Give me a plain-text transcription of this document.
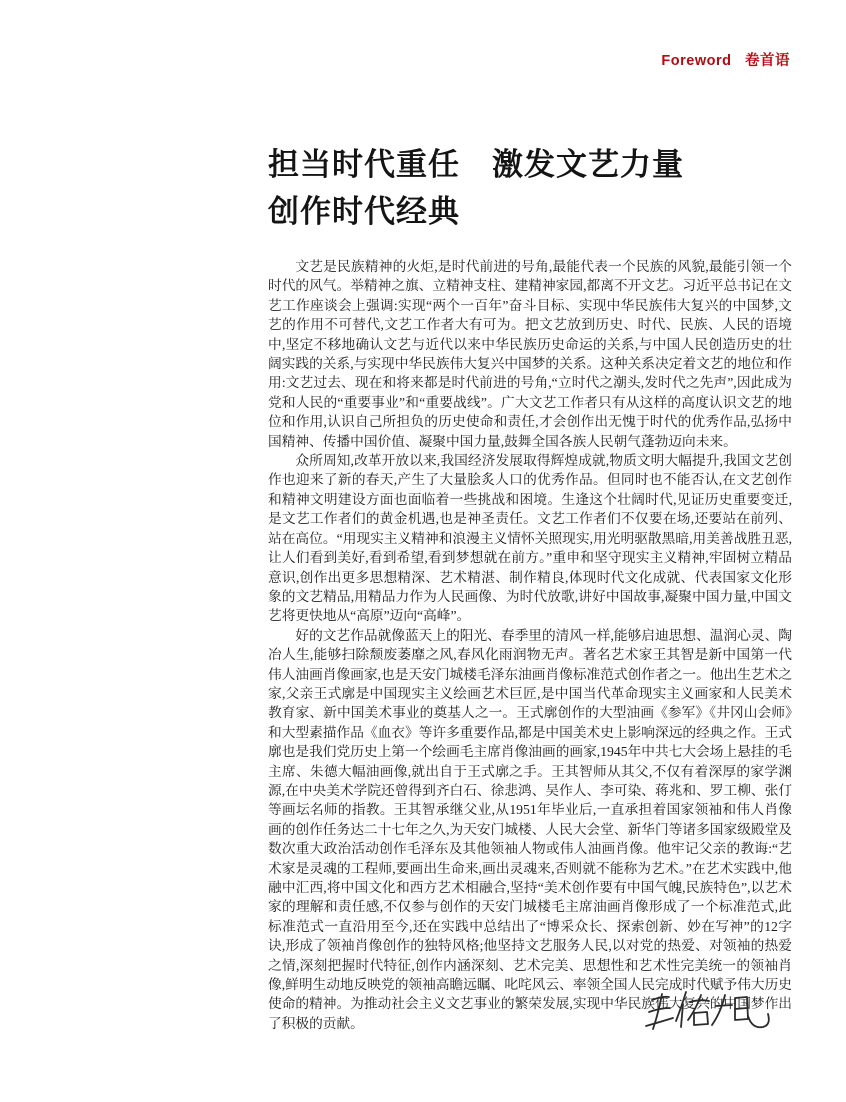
Foreword 卷首语
担当时代重任　激发文艺力量
创作时代经典

文艺是民族精神的火炬,是时代前进的号角,最能代表一个民族的风貌,最能引领一个时代的风气。举精神之旗、立精神支柱、建精神家园,都离不开文艺。习近平总书记在文艺工作座谈会上强调:实现“两个一百年”奋斗目标、实现中华民族伟大复兴的中国梦,文艺的作用不可替代,文艺工作者大有可为。把文艺放到历史、时代、民族、人民的语境中,坚定不移地确认文艺与近代以来中华民族历史命运的关系,与中国人民创造历史的壮阔实践的关系,与实现中华民族伟大复兴中国梦的关系。这种关系决定着文艺的地位和作用:文艺过去、现在和将来都是时代前进的号角,“立时代之潮头,发时代之先声”,因此成为党和人民的“重要事业”和“重要战线”。广大文艺工作者只有从这样的高度认识文艺的地位和作用,认识自己所担负的历史使命和责任,才会创作出无愧于时代的优秀作品,弘扬中国精神、传播中国价值、凝聚中国力量,鼓舞全国各族人民朝气蓬勃迈向未来。

众所周知,改革开放以来,我国经济发展取得辉煌成就,物质文明大幅提升,我国文艺创作也迎来了新的春天,产生了大量脍炙人口的优秀作品。但同时也不能否认,在文艺创作和精神文明建设方面也面临着一些挑战和困境。生逢这个壮阔时代,见证历史重要变迁,是文艺工作者们的黄金机遇,也是神圣责任。文艺工作者们不仅要在场,还要站在前列、站在高位。“用现实主义精神和浪漫主义情怀关照现实,用光明驱散黑暗,用美善战胜丑恶,让人们看到美好,看到希望,看到梦想就在前方。”重申和坚守现实主义精神,牢固树立精品意识,创作出更多思想精深、艺术精湛、制作精良,体现时代文化成就、代表国家文化形象的文艺精品,用精品力作为人民画像、为时代放歌,讲好中国故事,凝聚中国力量,中国文艺将更快地从“高原”迈向“高峰”。

好的文艺作品就像蓝天上的阳光、春季里的清风一样,能够启迪思想、温润心灵、陶冶人生,能够扫除颓废萎靡之风,春风化雨润物无声。著名艺术家王其智是新中国第一代伟人油画肖像画家,也是天安门城楼毛泽东油画肖像标准范式创作者之一。他出生艺术之家,父亲王式廓是中国现实主义绘画艺术巨匠,是中国当代革命现实主义画家和人民美术教育家、新中国美术事业的奠基人之一。王式廓创作的大型油画《参军》《井冈山会师》和大型素描作品《血衣》等许多重要作品,都是中国美术史上影响深远的经典之作。王式廓也是我们党历史上第一个绘画毛主席肖像油画的画家,1945年中共七大会场上悬挂的毛主席、朱德大幅油画像,就出自于王式廓之手。王其智师从其父,不仅有着深厚的家学渊源,在中央美术学院还曾得到齐白石、徐悲鸿、吴作人、李可染、蒋兆和、罗工柳、张仃等画坛名师的指教。王其智承继父业,从1951年毕业后,一直承担着国家领袖和伟人肖像画的创作任务达二十七年之久,为天安门城楼、人民大会堂、新华门等诸多国家级殿堂及数次重大政治活动创作毛泽东及其他领袖人物或伟人油画肖像。他牢记父亲的教诲:“艺术家是灵魂的工程师,要画出生命来,画出灵魂来,否则就不能称为艺术。”在艺术实践中,他融中汇西,将中国文化和西方艺术相融合,坚持“美术创作要有中国气魄,民族特色”,以艺术家的理解和责任感,不仅参与创作的天安门城楼毛主席油画肖像形成了一个标准范式,此标准范式一直沿用至今,还在实践中总结出了“博采众长、探索创新、妙在写神”的12字诀,形成了领袖肖像创作的独特风格;他坚持文艺服务人民,以对党的热爱、对领袖的热爱之情,深刻把握时代特征,创作内涵深刻、艺术完美、思想性和艺术性完美统一的领袖肖像,鲜明生动地反映党的领袖高瞻远瞩、叱咤风云、率领全国人民完成时代赋予伟大历史使命的精神。为推动社会主义文艺事业的繁荣发展,实现中华民族伟大复兴的中国梦作出了积极的贡献。
